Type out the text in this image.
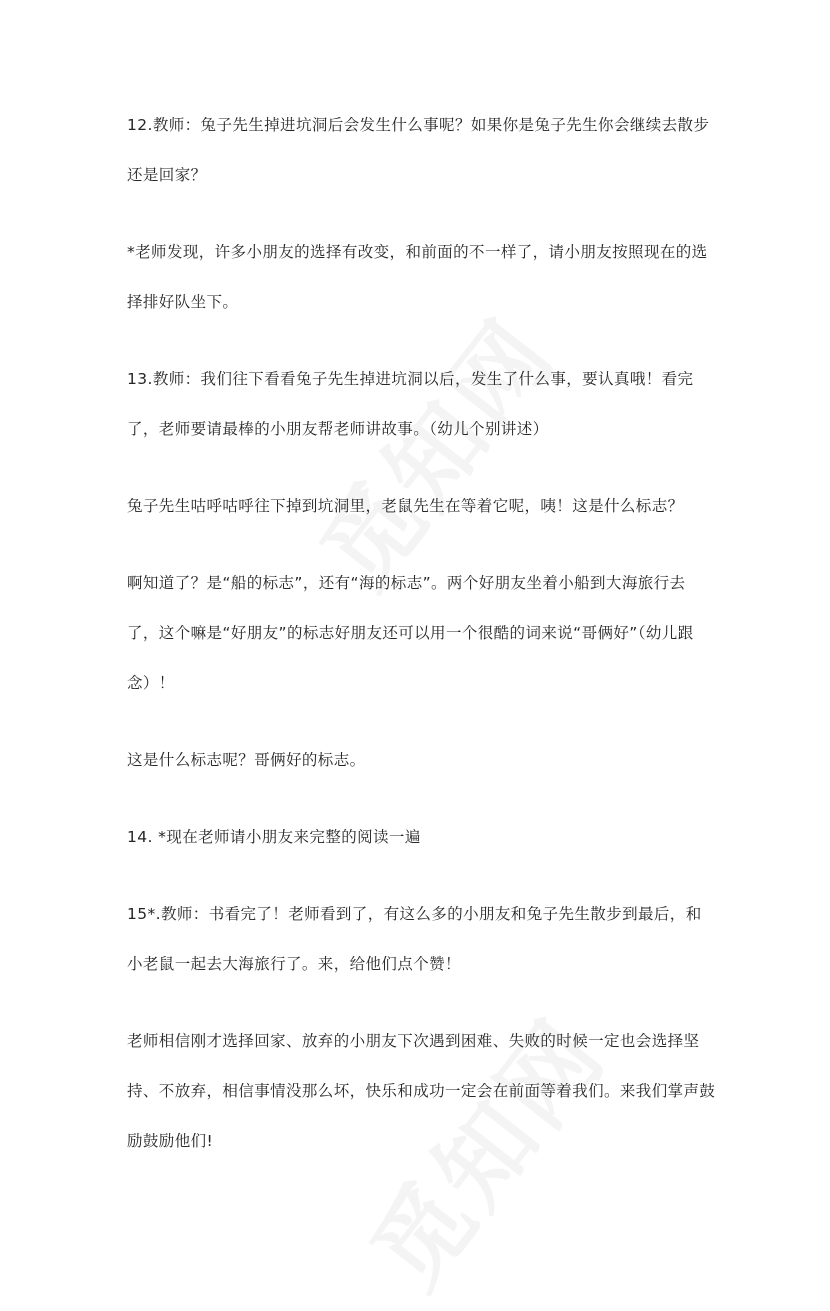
12.教师：兔子先生掉进坑洞后会发生什么事呢？如果你是兔子先生你会继续去散步还是回家？

*老师发现，许多小朋友的选择有改变，和前面的不一样了，请小朋友按照现在的选择排好队坐下。

13.教师：我们往下看看兔子先生掉进坑洞以后，发生了什么事，要认真哦！看完了，老师要请最棒的小朋友帮老师讲故事。（幼儿个别讲述）

兔子先生咕呼咕呼往下掉到坑洞里，老鼠先生在等着它呢，咦！这是什么标志？

啊知道了？是“船的标志”，还有“海的标志”。两个好朋友坐着小船到大海旅行去了，这个嘛是“好朋友”的标志好朋友还可以用一个很酷的词来说“哥俩好”（幼儿跟念）！

这是什么标志呢？哥俩好的标志。

14. *现在老师请小朋友来完整的阅读一遍

15*.教师：书看完了！老师看到了，有这么多的小朋友和兔子先生散步到最后，和小老鼠一起去大海旅行了。来，给他们点个赞！

老师相信刚才选择回家、放弃的小朋友下次遇到困难、失败的时候一定也会选择坚持、不放弃，相信事情没那么坏，快乐和成功一定会在前面等着我们。来我们掌声鼓励鼓励他们!
